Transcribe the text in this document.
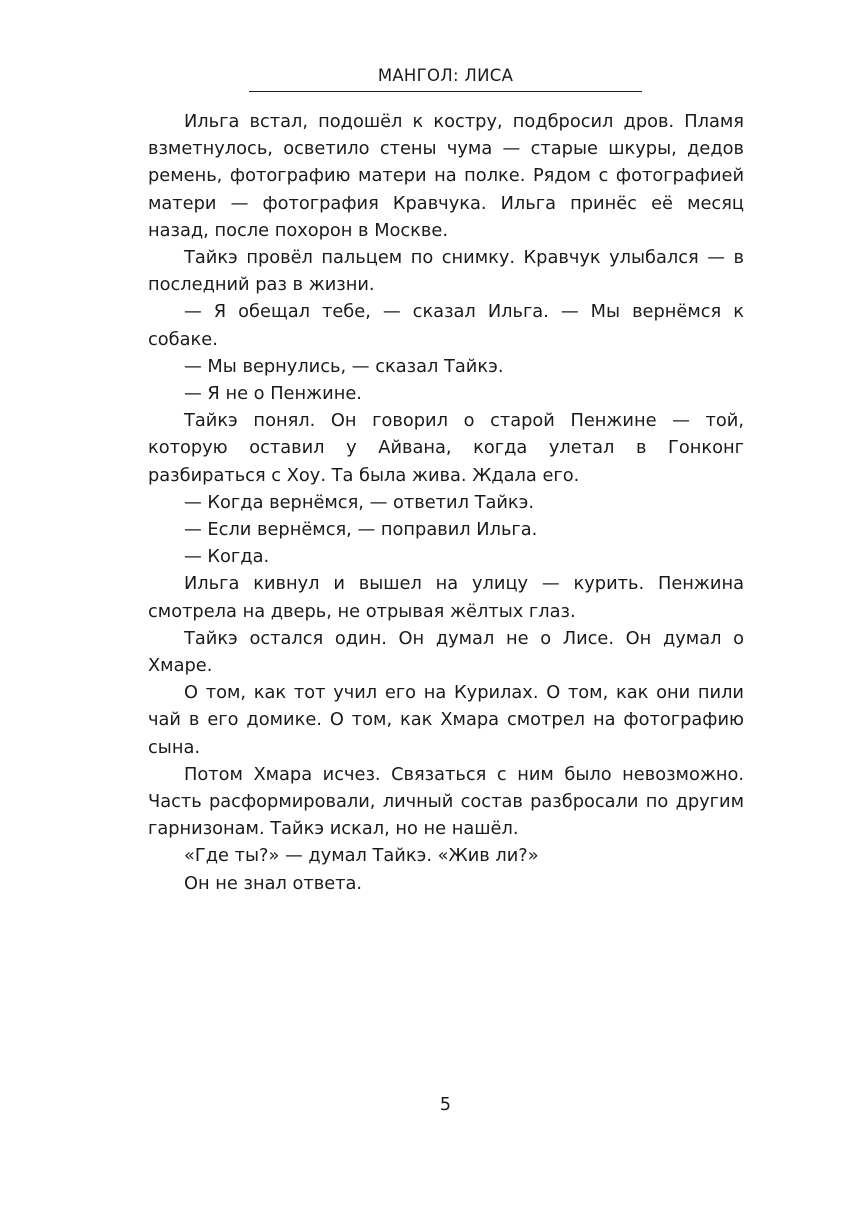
МАНГОЛ: ЛИСА

Ильга встал, подошёл к костру, подбросил дров. Пламя взметнулось, осветило стены чума — старые шкуры, дедов ремень, фотографию матери на полке. Рядом с фотографией матери — фотография Кравчука. Ильга принёс её месяц назад, после похорон в Москве.

Тайкэ провёл пальцем по снимку. Кравчук улыбался — в последний раз в жизни.

— Я обещал тебе, — сказал Ильга. — Мы вернёмся к собаке.

— Мы вернулись, — сказал Тайкэ.

— Я не о Пенжине.

Тайкэ понял. Он говорил о старой Пенжине — той, которую оставил у Айвана, когда улетал в Гонконг разбираться с Хоу. Та была жива. Ждала его.

— Когда вернёмся, — ответил Тайкэ.

— Если вернёмся, — поправил Ильга.

— Когда.

Ильга кивнул и вышел на улицу — курить. Пенжина смотрела на дверь, не отрывая жёлтых глаз.

Тайкэ остался один. Он думал не о Лисе. Он думал о Хмаре.

О том, как тот учил его на Курилах. О том, как они пили чай в его домике. О том, как Хмара смотрел на фотографию сына.

Потом Хмара исчез. Связаться с ним было невозможно. Часть расформировали, личный состав разбросали по другим гарнизонам. Тайкэ искал, но не нашёл.

«Где ты?» — думал Тайкэ. «Жив ли?»

Он не знал ответа.

5
